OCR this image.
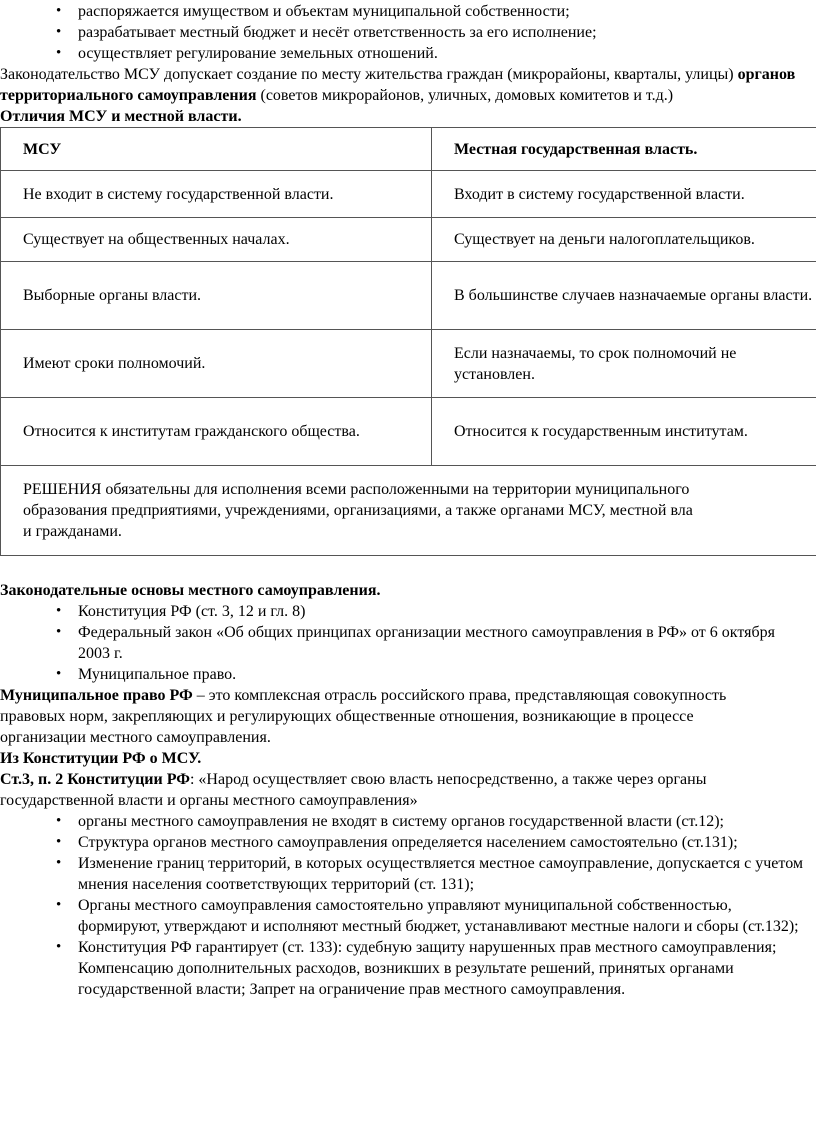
• распоряжается имуществом и объектам муниципальной собственности;
• разрабатывает местный бюджет и несёт ответственность за его исполнение;
• осуществляет регулирование земельных отношений.

Законодательство МСУ допускает создание по месту жительства граждан (микрорайоны, кварталы, улицы) органов территориального самоуправления (советов микрорайонов, уличных, домовых комитетов и т.д.)

Отличия МСУ и местной власти.

МСУ	Местная государственная власть.
Не входит в систему государственной власти.	Входит в систему государственной власти.
Существует на общественных началах.	Существует на деньги налогоплательщиков.
Выборные органы власти.	В большинстве случаев назначаемые органы власти.
Имеют сроки полномочий.	Если назначаемы, то срок полномочий не установлен.
Относится к институтам гражданского общества.	Относится к государственным институтам.

РЕШЕНИЯ обязательны для исполнения всеми расположенными на территории муниципального
образования предприятиями, учреждениями, организациями, а также органами МСУ, местной вла
и гражданами.	

Законодательные основы местного самоуправления.

• Конституция РФ (ст. 3, 12 и гл. 8)
• Федеральный закон «Об общих принципах организации местного самоуправления в РФ» от 6 октября 2003 г.
• Муниципальное право.

Муниципальное право РФ – это комплексная отрасль российского права, представляющая совокупность правовых норм, закрепляющих и регулирующих общественные отношения, возникающие в процессе организации местного самоуправления.

Из Конституции РФ о МСУ.

Ст.3, п. 2 Конституции РФ: «Народ осуществляет свою власть непосредственно, а также через органы государственной власти и органы местного самоуправления»

• органы местного самоуправления не входят в систему органов государственной власти (ст.12);
• Структура органов местного самоуправления определяется населением самостоятельно (ст.131);
• Изменение границ территорий, в которых осуществляется местное самоуправление, допускается с учетом мнения населения соответствующих территорий (ст. 131);
• Органы местного самоуправления самостоятельно управляют муниципальной собственностью, формируют, утверждают и исполняют местный бюджет, устанавливают местные налоги и сборы (ст.132);
• Конституция РФ гарантирует (ст. 133): судебную защиту нарушенных прав местного самоуправления; Компенсацию дополнительных расходов, возникших в результате решений, принятых органами государственной власти; Запрет на ограничение прав местного самоуправления.
